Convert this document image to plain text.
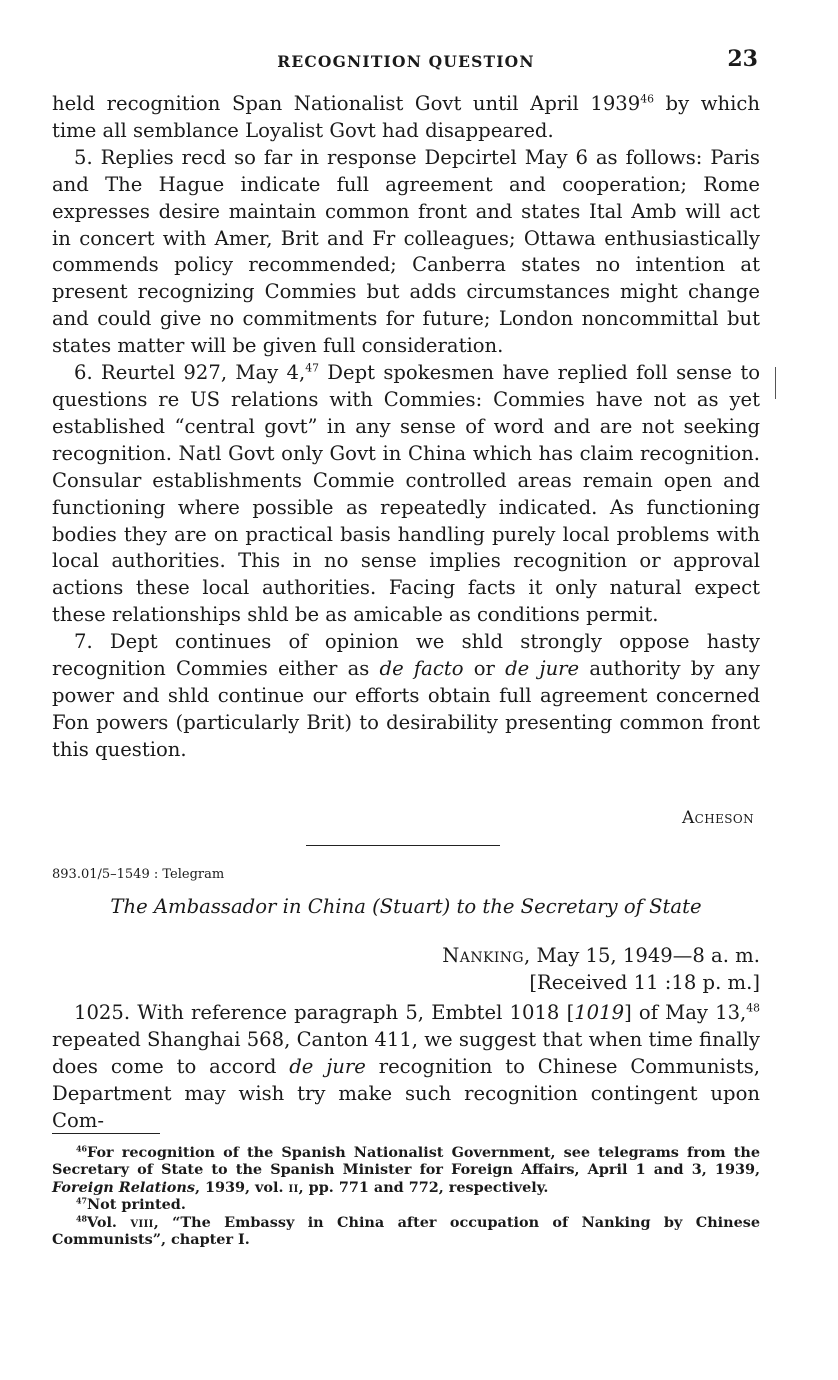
RECOGNITION QUESTION	23

held recognition Span Nationalist Govt until April 1939$^{46}$ by which time all semblance Loyalist Govt had disappeared.

5. Replies recd so far in response Depcirtel May 6 as follows: Paris and The Hague indicate full agreement and cooperation; Rome expresses desire maintain common front and states Ital Amb will act in concert with Amer, Brit and Fr colleagues; Ottawa enthusiastically commends policy recommended; Canberra states no intention at present recognizing Commies but adds circumstances might change and could give no commitments for future; London noncommittal but states matter will be given full consideration.

6. Reurtel 927, May 4,47 Dept spokesmen have replied foll sense to questions re US relations with Commies: Commies have not as yet established “central govt” in any sense of word and are not seeking recognition. Natl Govt only Govt in China which has claim recognition. Consular establishments Commie controlled areas remain open and functioning where possible as repeatedly indicated. As functioning bodies they are on practical basis handling purely local problems with local authorities. This in no sense implies recognition or approval actions these local authorities. Facing facts it only natural expect these relationships shld be as amicable as conditions permit.

7. Dept continues of opinion we shld strongly oppose hasty recognition Commies either as de facto or de jure authority by any power and shld continue our efforts obtain full agreement concerned Fon powers (particularly Brit) to desirability presenting common front this question.

Acheson
893.01/5–1549 : Telegram
The Ambassador in China (Stuart) to the Secretary of State
Nanking, May 15, 1949—8 a. m.
[Received 11 :18 p. m.]

1025. With reference paragraph 5, Embtel 1018 [1019] of May 13,48 repeated Shanghai 568, Canton 411, we suggest that when time finally does come to accord de jure recognition to Chinese Communists, Department may wish try make such recognition contingent upon Com-

$^{46}$For recognition of the Spanish Nationalist Government, see telegrams from the Secretary of State to the Spanish Minister for Foreign Affairs, April 1 and 3, 1939, Foreign Relations, 1939, vol. ii, pp. 771 and 772, respectively.

$^{47}$Not printed.

$^{48}$Vol. viii, “The Embassy in China after occupation of Nanking by Chinese Communists”, chapter I.
